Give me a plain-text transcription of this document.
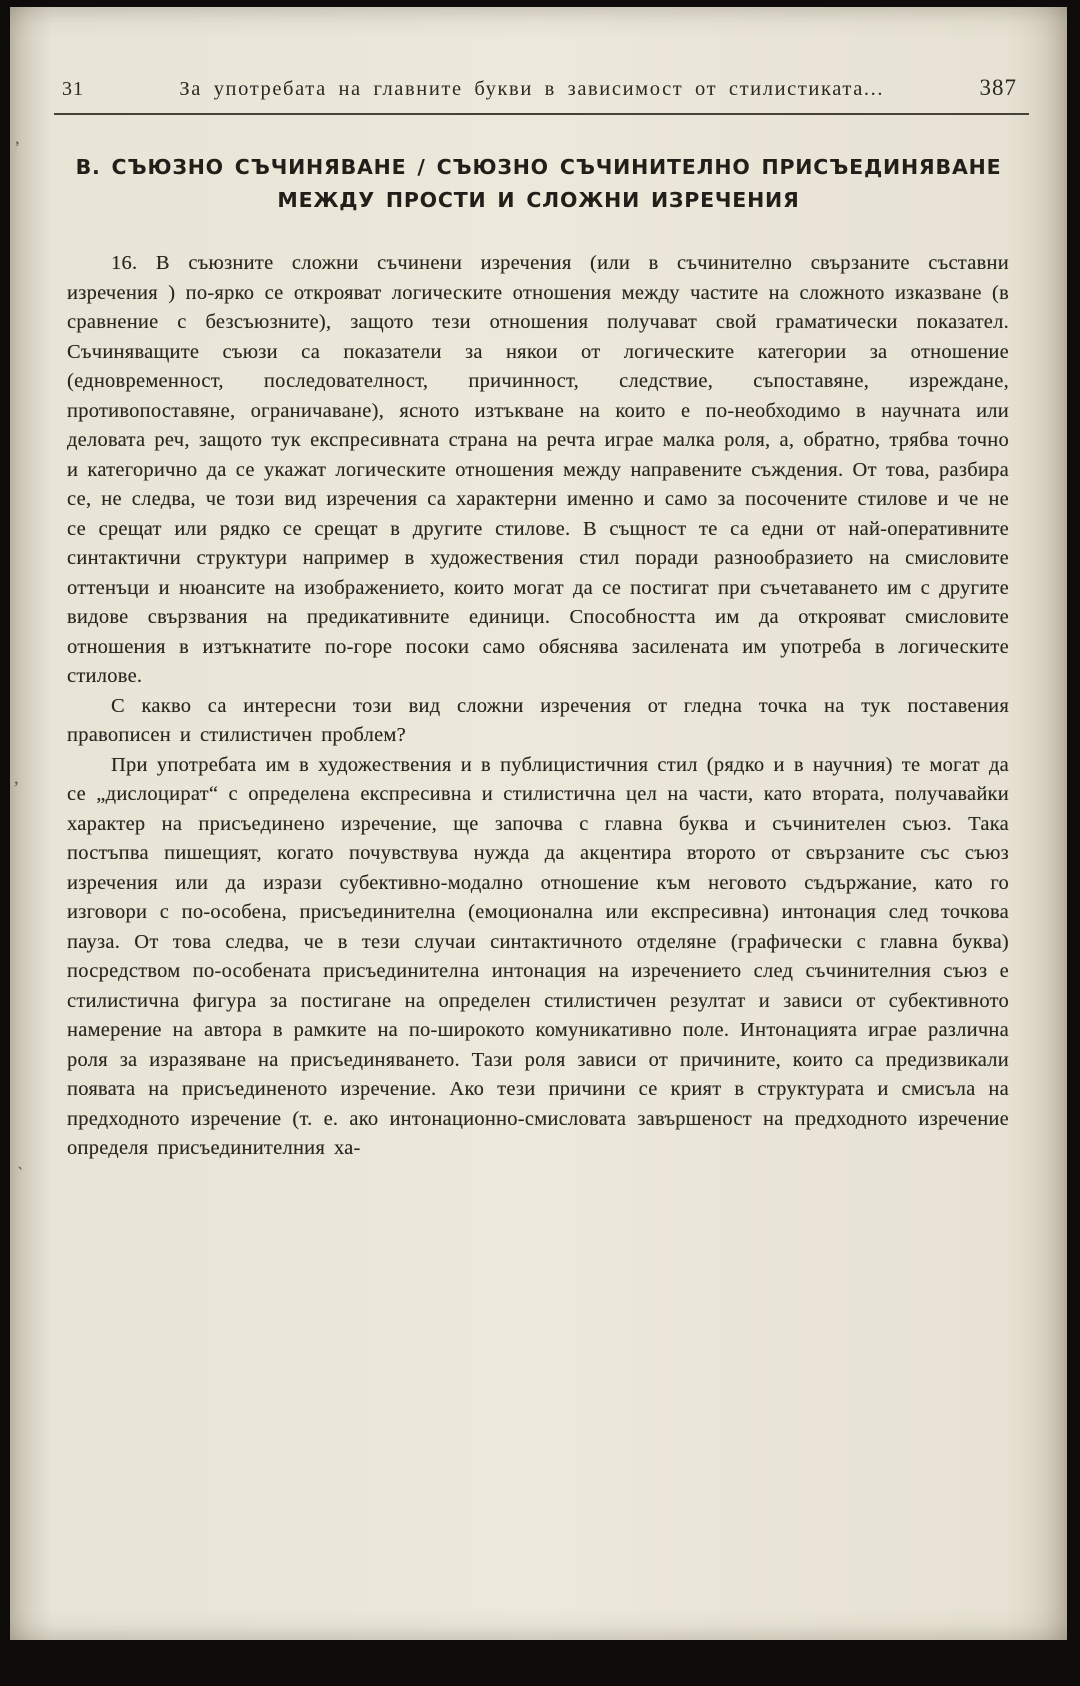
31	За употребата на главните букви в зависимост от стилистиката...	387
В. СЪЮЗНО СЪЧИНЯВАНЕ / СЪЮЗНО СЪЧИНИТЕЛНО ПРИСЪЕДИНЯВАНЕ
МЕЖДУ ПРОСТИ И СЛОЖНИ ИЗРЕЧЕНИЯ

16. В съюзните сложни съчинени изречения (или в съчинително свързаните съставни изречения ) по-ярко се открояват логическите отношения между частите на сложното изказване (в сравнение с безсъюзните), защото тези отношения получават свой граматически показател. Съчиняващите съюзи са показатели за някои от логическите категории за отношение (едновременност, последователност, причинност, следствие, съпоставяне, изреждане, противопоставяне, ограничаване), ясното изтъкване на които е по-необходимо в научната или деловата реч, защото тук експресивната страна на речта играе малка роля, а, обратно, трябва точно и категорично да се укажат логическите отношения между направените съждения. От това, разбира се, не следва, че този вид изречения са характерни именно и само за посочените стилове и че не се срещат или рядко се срещат в другите стилове. В същност те са едни от най-оперативните синтактични структури например в художествения стил поради разнообразието на смисловите оттенъци и нюансите на изображението, които могат да се постигат при съчетаването им с другите видове свързвания на предикативните единици. Способността им да открояват смисловите отношения в изтъкнатите по-горе посоки само обяснява засилената им употреба в логическите стилове.

С какво са интересни този вид сложни изречения от гледна точка на тук поставения правописен и стилистичен проблем?

При употребата им в художествения и в публицистичния стил (рядко и в научния) те могат да се „дислоцират“ с определена експресивна и стилистична цел на части, като втората, получавайки характер на присъединено изречение, ще започва с главна буква и съчинителен съюз. Така постъпва пишещият, когато почувствува нужда да акцентира второто от свързаните със съюз изречения или да изрази субективно-модално отношение към неговото съдържание, като го изговори с по-особена, присъединителна (емоционална или експресивна) интонация след точкова пауза. От това следва, че в тези случаи синтактичното отделяне (графически с главна буква) посредством по-особената присъединителна интонация на изречението след съчинителния съюз е стилистична фигура за постигане на определен стилистичен резултат и зависи от субективното намерение на автора в рамките на по-широкото комуникативно поле. Интонацията играе различна роля за изразяване на присъединяването. Тази роля зависи от причините, които са предизвикали появата на присъединеното изречение. Ако тези причини се крият в структурата и смисъла на предходното изречение (т. е. ако интонационно-смисловата завършеност на предходното изречение определя присъединителния ха-

’
’
`
